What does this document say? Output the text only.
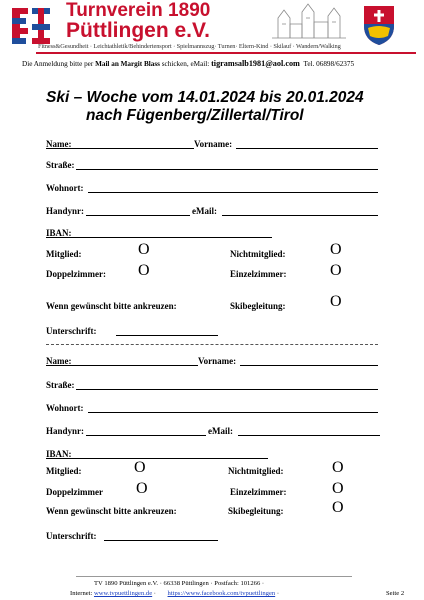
Turnverein 1890
Püttlingen e.V.
Fitness&Gesundheit · Leichtathletik/Behindertensport · Spielmannszug· Turnen· Eltern-Kind · Skilauf · Wandern/Walking
Die Anmeldung bitte per Mail an Margit Blass schicken, eMail: tigramsalb1981@aol.com Tel. 06898/62375
Ski – Woche vom 14.01.2024 bis 20.01.2024
nach Fügenberg/Zillertal/Tirol
Name:	Vorname:
Straße:
Wohnort:
Handynr:	eMail:
IBAN:
Mitglied:	O	Nichtmitglied:	O
Doppelzimmer: O	Einzelzimmer:	O
Wenn gewünscht bitte ankreuzen:	Skibegleitung:	O
Unterschrift:
Name:	Vorname:
Straße:
Wohnort:
Handynr:	eMail:
IBAN:
Mitglied:	O	Nichtmitglied:	O
Doppelzimmer O	Einzelzimmer:	O
Wenn gewünscht bitte ankreuzen:	Skibegleitung:	O
Unterschrift:
TV 1890 Püttlingen e.V. · 66338 Püttlingen · Postfach: 101266 ·
Internet: www.tvpuettlingen.de ·       https://www.facebook.com/tvpuettlingen ·	Seite 2
